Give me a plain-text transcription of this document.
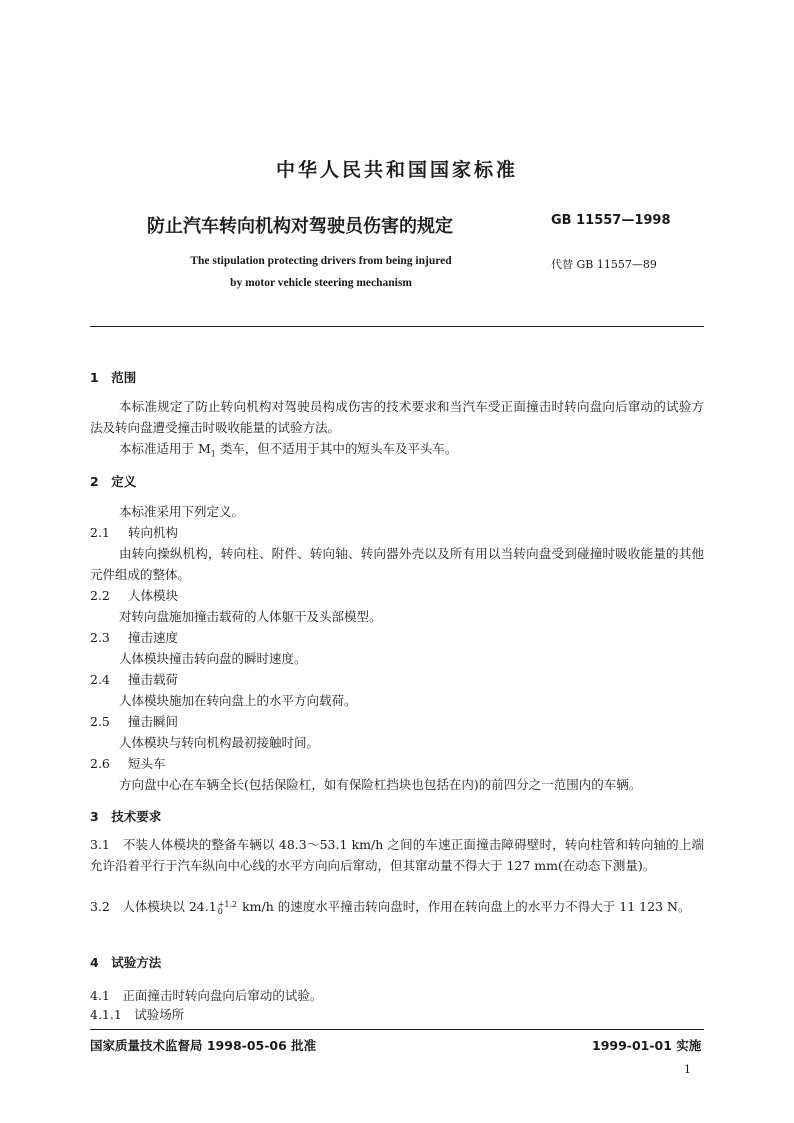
中华人民共和国国家标准
防止汽车转向机构对驾驶员伤害的规定	GB 11557—1998
The stipulation protecting drivers from being injured	代替 GB 11557—89
by motor vehicle steering mechanism
1　范围
本标准规定了防止转向机构对驾驶员构成伤害的技术要求和当汽车受正面撞击时转向盘向后窜动的试验方法及转向盘遭受撞击时吸收能量的试验方法。
本标准适用于 $M_1$ 类车，但不适用于其中的短头车及平头车。
2　定义
本标准采用下列定义。
2.1 转向机构
由转向操纵机构，转向柱、附件、转向轴、转向器外壳以及所有用以当转向盘受到碰撞时吸收能量的其他元件组成的整体。
2.2 人体模块
对转向盘施加撞击载荷的人体躯干及头部模型。
2.3 撞击速度
人体模块撞击转向盘的瞬时速度。
2.4 撞击载荷
人体模块施加在转向盘上的水平方向载荷。
2.5 撞击瞬间
人体模块与转向机构最初接触时间。
2.6 短头车
方向盘中心在车辆全长(包括保险杠，如有保险杠挡块也包括在内)的前四分之一范围内的车辆。
3　技术要求
3.1　不装人体模块的整备车辆以 48.3～53.1 km/h 之间的车速正面撞击障碍壁时，转向柱管和转向轴的上端允许沿着平行于汽车纵向中心线的水平方向向后窜动，但其窜动量不得大于 127 mm(在动态下测量)。
3.2　人体模块以 24.1 +1.2
0	km/h 的速度水平撞击转向盘时，作用在转向盘上的水平力不得大于 11 123 N。
4　试验方法
4.1　正面撞击时转向盘向后窜动的试验。
4.1.1　试验场所
国家质量技术监督局 1998-05-06 批准	1999-01-01 实施
1
